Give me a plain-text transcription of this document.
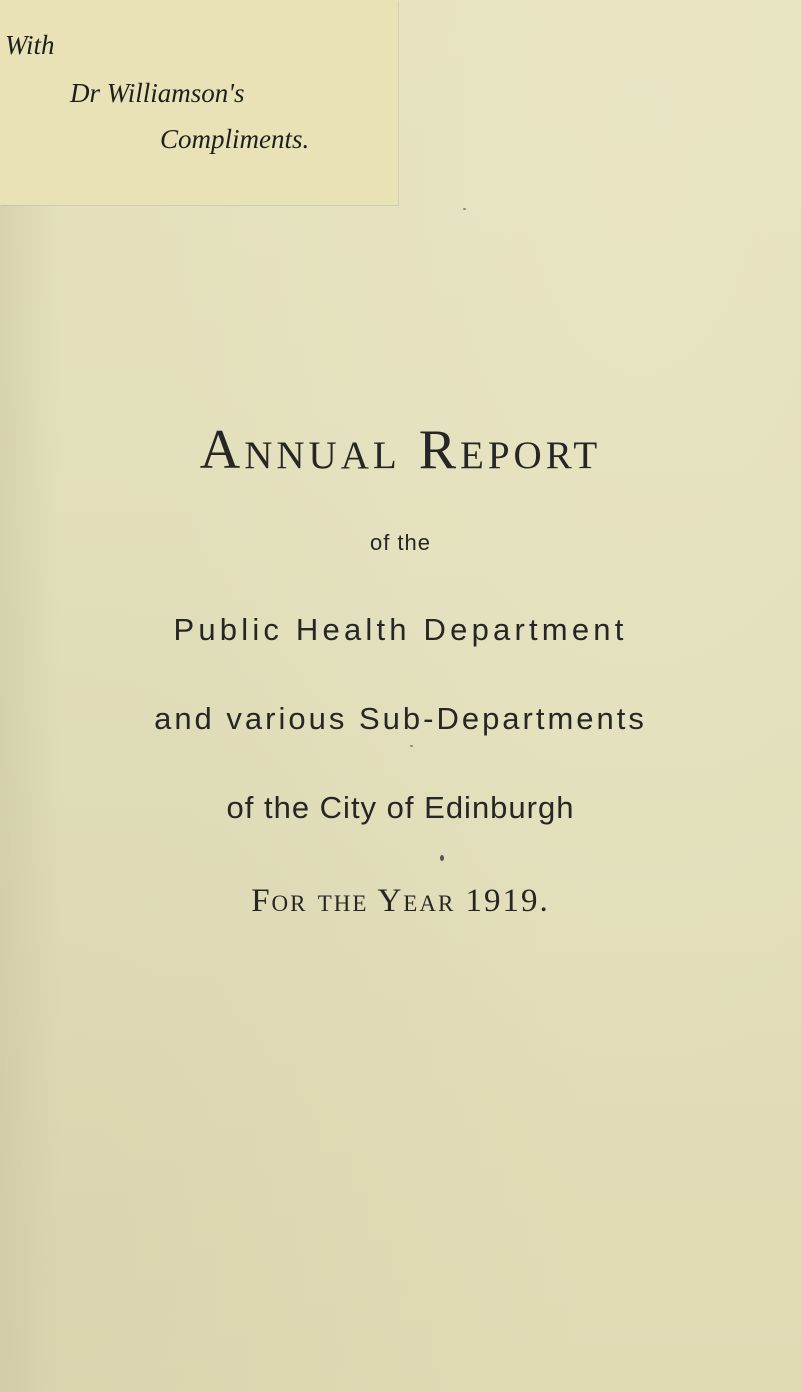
With
Dr Williamson's
Compliments.
Annual Report
of the
Public Health Department
and various Sub-Departments
of the City of Edinburgh
For the Year 1919.
